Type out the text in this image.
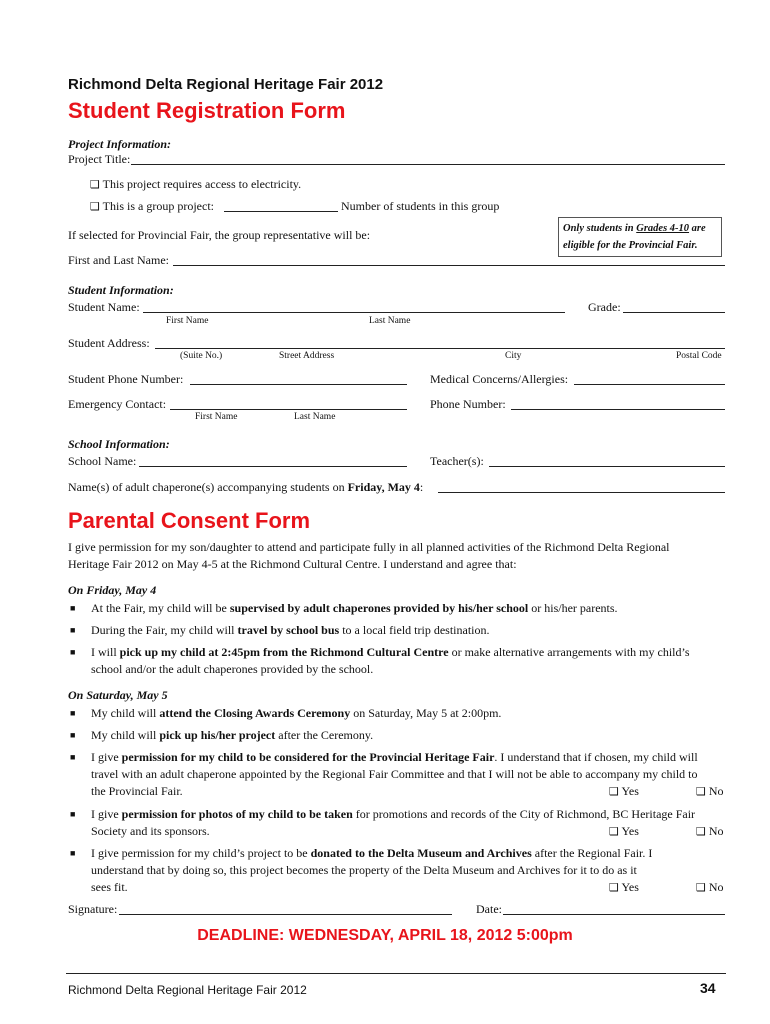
Richmond Delta Regional Heritage Fair 2012
Student Registration Form
Project Information:
Project Title:
❑ This project requires access to electricity.
❑ This is a group project:	Number of students in this group
If selected for Provincial Fair, the group representative will be:	Only students in Grades 4-10 are
eligible for the Provincial Fair.
First and Last Name:
Student Information:
Student Name:	Grade:
First Name	Last Name
Student Address:
(Suite No.)	Street Address	City	Postal Code
Student Phone Number:	Medical Concerns/Allergies:
Emergency Contact:	Phone Number:
First Name	Last Name
School Information:
School Name:	Teacher(s):
Name(s) of adult chaperone(s) accompanying students on Friday, May 4:
Parental Consent Form
I give permission for my son/daughter to attend and participate fully in all planned activities of the Richmond Delta Regional
Heritage Fair 2012 on May 4-5 at the Richmond Cultural Centre. I understand and agree that:
On Friday, May 4
■ At the Fair, my child will be supervised by adult chaperones provided by his/her school or his/her parents.
■ During the Fair, my child will travel by school bus to a local field trip destination.
■ I will pick up my child at 2:45pm from the Richmond Cultural Centre or make alternative arrangements with my child’s
school and/or the adult chaperones provided by the school.
On Saturday, May 5
■ My child will attend the Closing Awards Ceremony on Saturday, May 5 at 2:00pm.
■ My child will pick up his/her project after the Ceremony.
■ I give permission for my child to be considered for the Provincial Heritage Fair. I understand that if chosen, my child will
travel with an adult chaperone appointed by the Regional Fair Committee and that I will not be able to accompany my child to
the Provincial Fair.	❑ Yes	❑ No
■ I give permission for photos of my child to be taken for promotions and records of the City of Richmond, BC Heritage Fair
Society and its sponsors.	❑ Yes	❑ No
■ I give permission for my child’s project to be donated to the Delta Museum and Archives after the Regional Fair. I
understand that by doing so, this project becomes the property of the Delta Museum and Archives for it to do as it
sees fit.	❑ Yes	❑ No
Signature:	Date:
DEADLINE: WEDNESDAY, APRIL 18, 2012 5:00pm
Richmond Delta Regional Heritage Fair 2012	34
